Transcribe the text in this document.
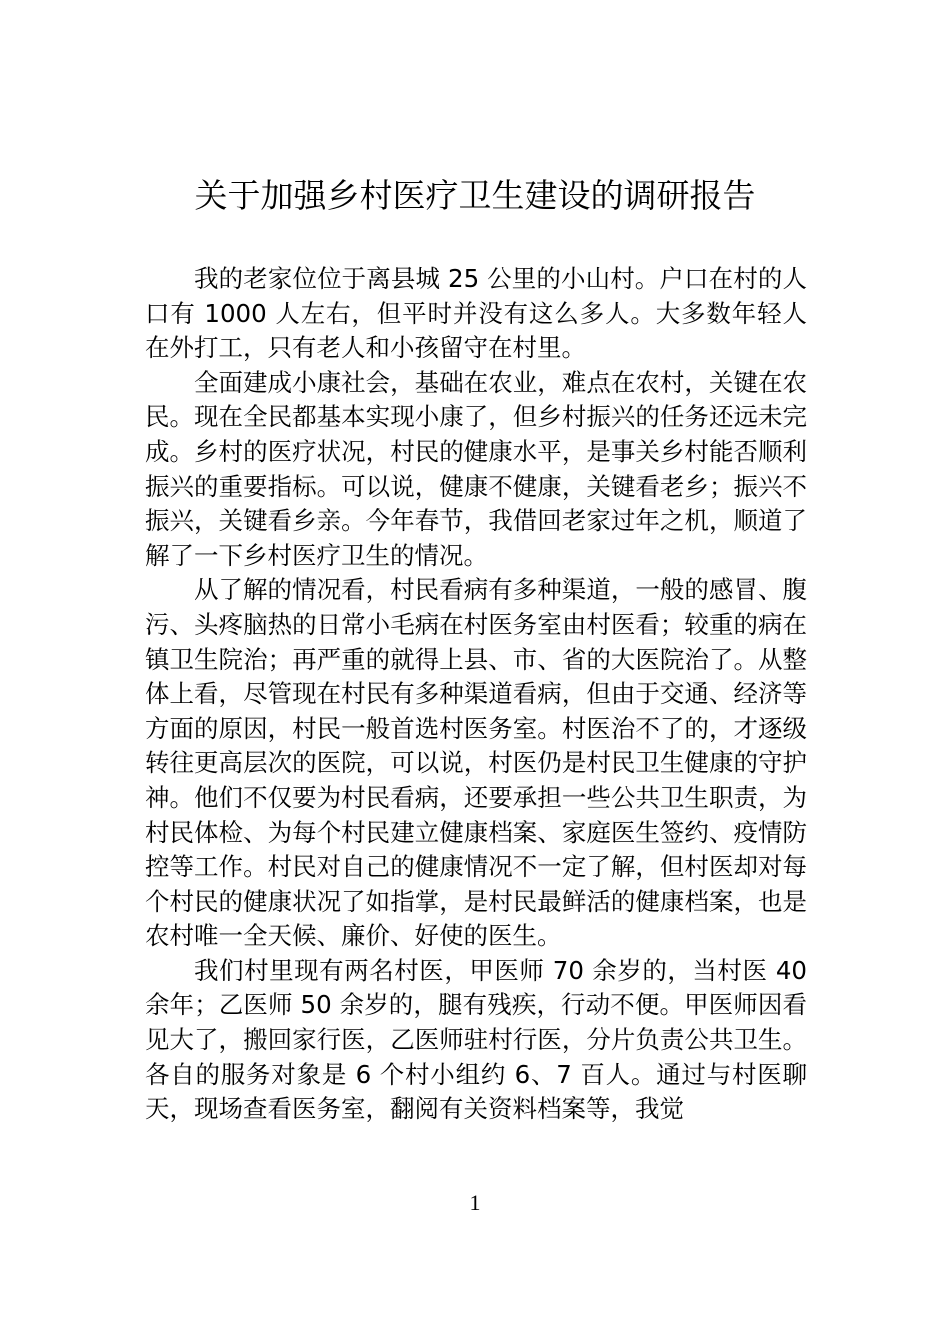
关于加强乡村医疗卫生建设的调研报告

我的老家位位于离县城 25 公里的小山村。户口在村的人口有 1000 人左右，但平时并没有这么多人。大多数年轻人在外打工，只有老人和小孩留守在村里。

全面建成小康社会，基础在农业，难点在农村，关键在农民。现在全民都基本实现小康了，但乡村振兴的任务还远未完成。乡村的医疗状况，村民的健康水平，是事关乡村能否顺利振兴的重要指标。可以说，健康不健康，关键看老乡；振兴不振兴，关键看乡亲。今年春节，我借回老家过年之机，顺道了解了一下乡村医疗卫生的情况。

从了解的情况看，村民看病有多种渠道，一般的感冒、腹污、头疼脑热的日常小毛病在村医务室由村医看；较重的病在镇卫生院治；再严重的就得上县、市、省的大医院治了。从整体上看，尽管现在村民有多种渠道看病，但由于交通、经济等方面的原因，村民一般首选村医务室。村医治不了的，才逐级转往更高层次的医院，可以说，村医仍是村民卫生健康的守护神。他们不仅要为村民看病，还要承担一些公共卫生职责，为村民体检、为每个村民建立健康档案、家庭医生签约、疫情防控等工作。村民对自己的健康情况不一定了解，但村医却对每个村民的健康状况了如指掌，是村民最鲜活的健康档案，也是农村唯一全天候、廉价、好使的医生。

我们村里现有两名村医，甲医师 70 余岁的，当村医 40 余年；乙医师 50 余岁的，腿有残疾，行动不便。甲医师因看见大了，搬回家行医，乙医师驻村行医，分片负责公共卫生。各自的服务对象是 6 个村小组约 6、7 百人。通过与村医聊天，现场查看医务室，翻阅有关资料档案等，我觉

1
